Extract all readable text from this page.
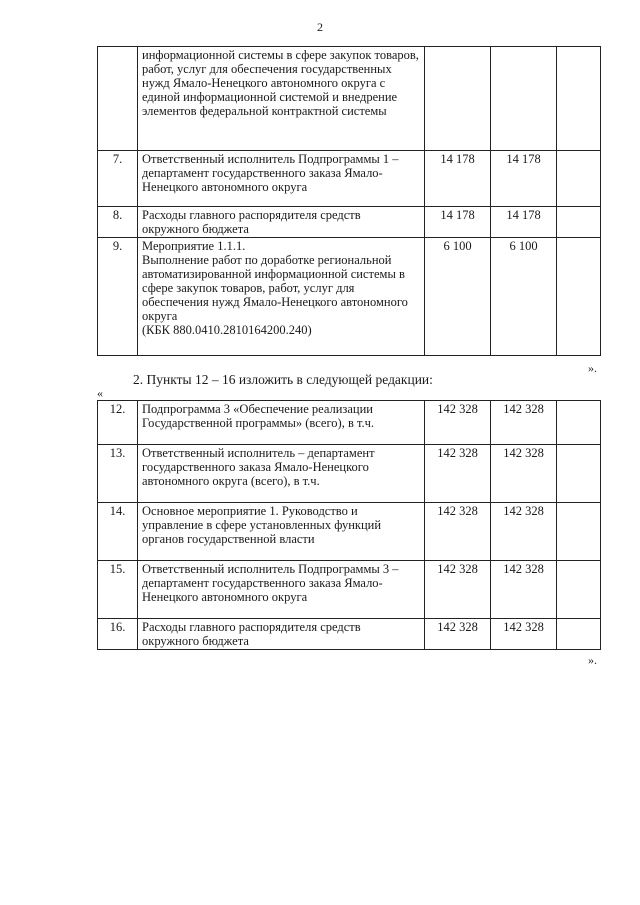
2
	информационной системы в сфере закупок товаров, работ, услуг для обеспечения государственных нужд Ямало-Ненецкого автономного округа с единой информационной системой и внедрение элементов федеральной контрактной системы			
7.	Ответственный исполнитель Подпрограммы 1 – департамент государственного заказа Ямало-Ненецкого автономного округа	14 178	14 178	
8.	Расходы главного распорядителя средств окружного бюджета	14 178	14 178	
9.	Мероприятие 1.1.1.
Выполнение работ по доработке региональной автоматизированной информационной системы в сфере закупок товаров, работ, услуг для обеспечения нужд Ямало-Ненецкого автономного округа
(КБК 880.0410.2810164200.240)	6 100	6 100	
».
2. Пункты 12 – 16 изложить в следующей редакции:
«
12.	Подпрограмма 3 «Обеспечение реализации Государственной программы» (всего), в т.ч.	142 328	142 328	
13.	Ответственный исполнитель – департамент государственного заказа Ямало-Ненецкого автономного округа (всего), в т.ч.	142 328	142 328	
14.	Основное мероприятие 1. Руководство и управление в сфере установленных функций органов государственной власти	142 328	142 328	
15.	Ответственный исполнитель Подпрограммы 3 – департамент государственного заказа Ямало-Ненецкого автономного округа	142 328	142 328	
16.	Расходы главного распорядителя средств окружного бюджета	142 328	142 328	
».
